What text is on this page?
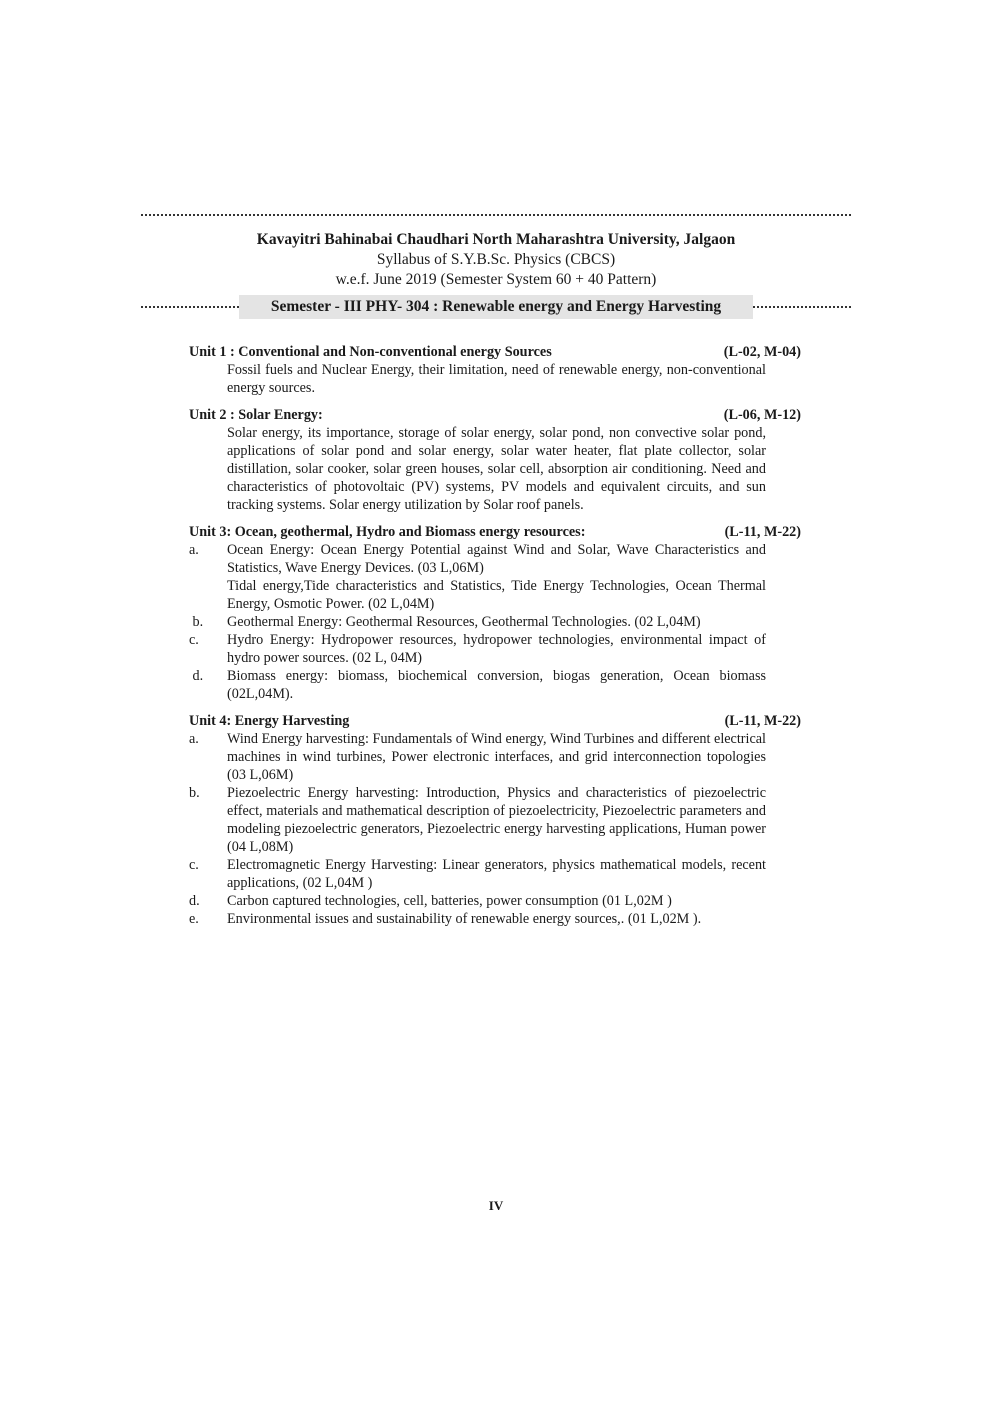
Kavayitri Bahinabai Chaudhari North Maharashtra University, Jalgaon
Syllabus of S.Y.B.Sc. Physics (CBCS)
w.e.f. June 2019 (Semester System 60 + 40 Pattern)
Semester - III PHY- 304 : Renewable energy and Energy Harvesting
Unit 1 : Conventional and Non-conventional energy Sources	(L-02, M-04)
Fossil fuels and Nuclear Energy, their limitation, need of renewable energy, non-conventional energy sources.
Unit 2 : Solar Energy:	(L-06, M-12)
Solar energy, its importance, storage of solar energy, solar pond, non convective solar pond, applications of solar pond and solar energy, solar water heater, flat plate collector, solar distillation, solar cooker, solar green houses, solar cell, absorption air conditioning. Need and characteristics of photovoltaic (PV) systems, PV models and equivalent circuits, and sun tracking systems. Solar energy utilization by Solar roof panels.
Unit 3: Ocean, geothermal, Hydro and Biomass energy resources:	(L-11, M-22)
a.	Ocean Energy: Ocean Energy Potential against Wind and Solar, Wave Characteristics and Statistics, Wave Energy Devices. (03 L,06M)

Tidal energy,Tide characteristics and Statistics, Tide Energy Technologies, Ocean Thermal Energy, Osmotic Power. (02 L,04M)

b.	Geothermal Energy: Geothermal Resources, Geothermal Technologies. (02 L,04M)
c.	Hydro Energy: Hydropower resources, hydropower technologies, environmental impact of hydro power sources. (02 L, 04M)
d.	Biomass energy: biomass, biochemical conversion, biogas generation, Ocean biomass (02L,04M).
Unit 4: Energy Harvesting	(L-11, M-22)
a.	Wind Energy harvesting: Fundamentals of Wind energy, Wind Turbines and different electrical machines in wind turbines, Power electronic interfaces, and grid interconnection topologies (03 L,06M)
b.	Piezoelectric Energy harvesting: Introduction, Physics and characteristics of piezoelectric effect, materials and mathematical description of piezoelectricity, Piezoelectric parameters and modeling piezoelectric generators, Piezoelectric energy harvesting applications, Human power (04 L,08M)
c.	Electromagnetic Energy Harvesting: Linear generators, physics mathematical models, recent applications, (02 L,04M )
d.	Carbon captured technologies, cell, batteries, power consumption (01 L,02M )
e.	Environmental issues and sustainability of renewable energy sources,. (01 L,02M ).
IV
